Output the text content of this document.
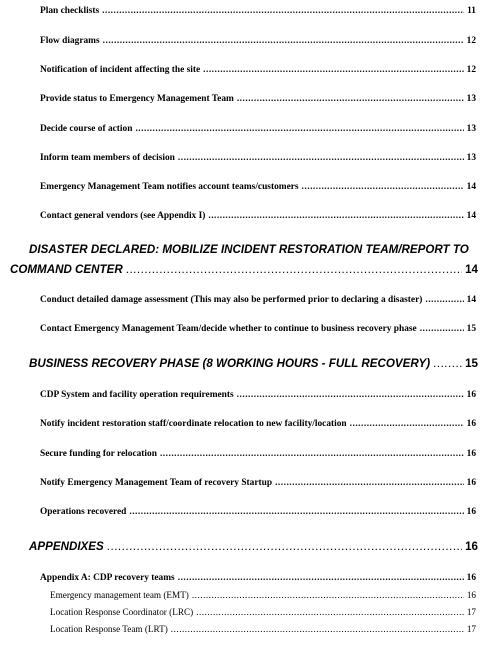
Plan checklists .....	11
Flow diagrams .....	12
Notification of incident affecting the site .....	12
Provide status to Emergency Management Team .....	13
Decide course of action .....	13
Inform team members of decision .....	13
Emergency Management Team notifies account teams/customers .....	14
Contact general vendors (see Appendix I) .....	14
DISASTER DECLARED: MOBILIZE INCIDENT RESTORATION TEAM/REPORT TO
COMMAND CENTER .....	14
Conduct detailed damage assessment (This may also be performed prior to declaring a disaster) .....	14
Contact Emergency Management Team/decide whether to continue to business recovery phase .....	15
BUSINESS RECOVERY PHASE (8 WORKING HOURS - FULL RECOVERY) .....	15
CDP System and facility operation requirements .....	16
Notify incident restoration staff/coordinate relocation to new facility/location .....	16
Secure funding for relocation .....	16
Notify Emergency Management Team of recovery Startup .....	16
Operations recovered .....	16
APPENDIXES .....	16
Appendix A: CDP recovery teams .....	16
Emergency management team (EMT) .....	16
Location Response Coordinator (LRC) .....	17
Location Response Team (LRT) .....	17
